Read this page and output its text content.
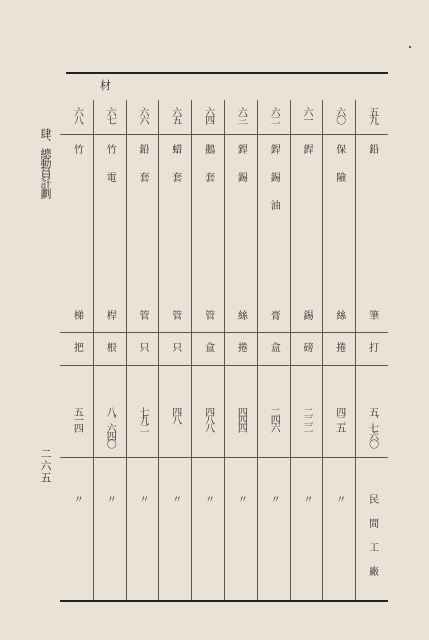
材
肆、總動員計劃
二六五
五九
鉛
筆
打
五、七六〇
民間工廠
六〇
保險
絲
捲
四二五
〃
六一
銲
錫
磅
二二二
〃
六二
銲錫油
膏
盒
二四六
〃
六三
銲錫
絲
捲
四四四
〃
六四
鵝套
管
盒
四八八
〃
六五
蜡套
管
只
四八
〃
六六
鉛套
管
只
七九二
〃
六七
竹電
桿
根
八、六四〇
〃
六八
竹
梯
把
五一四
〃
